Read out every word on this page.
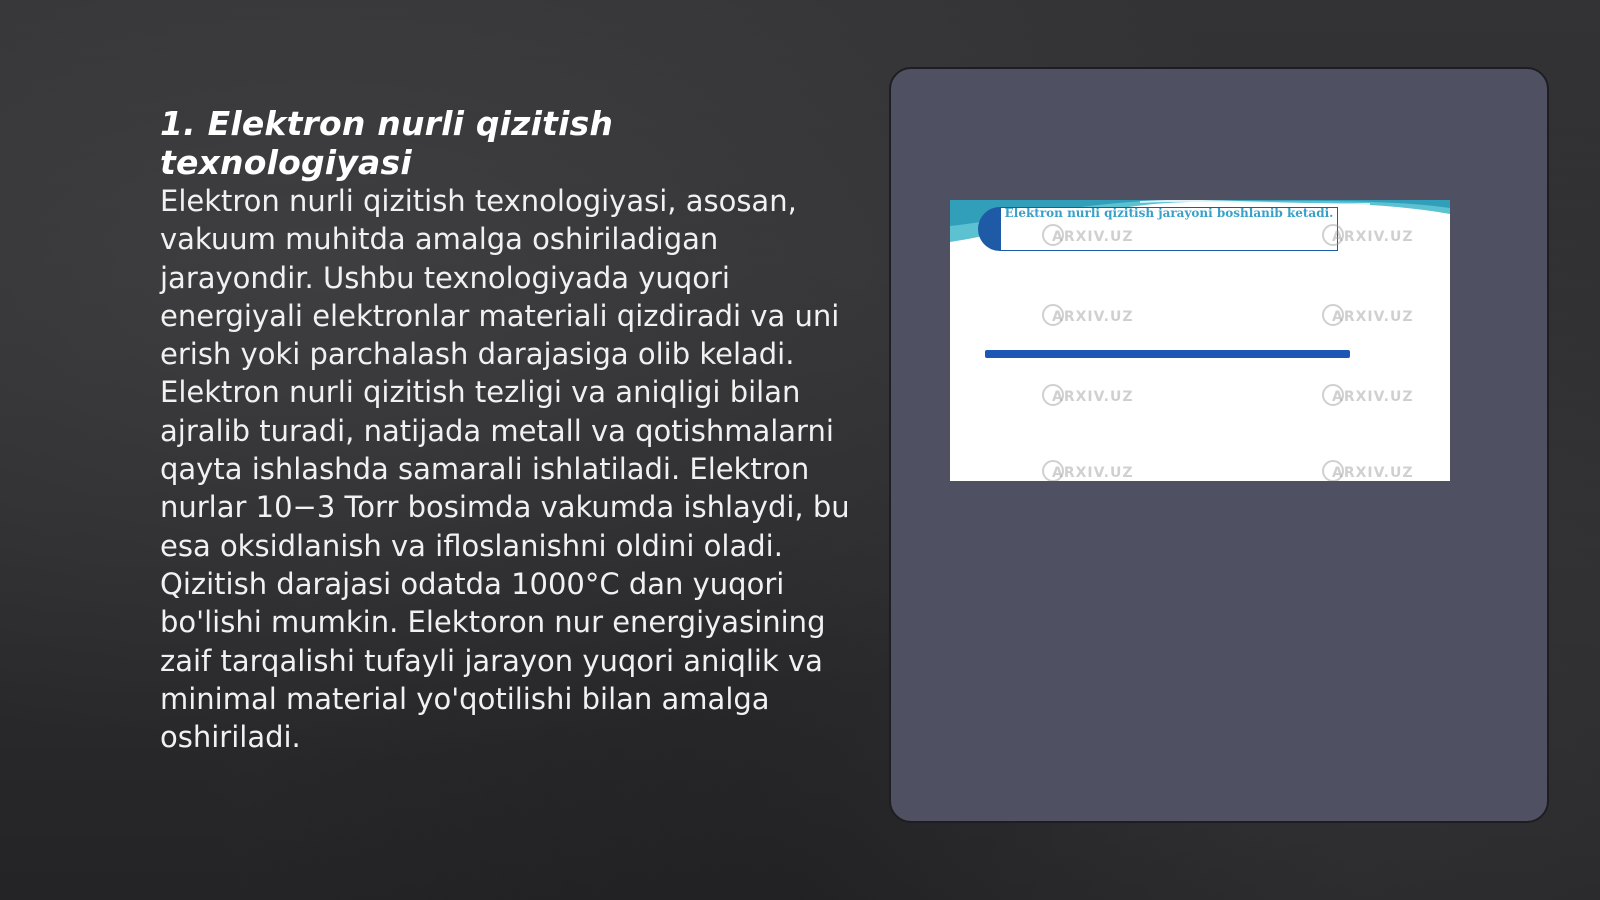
1. Elektron nurli qizitish texnologiyasi

Elektron nurli qizitish texnologiyasi, asosan, vakuum muhitda amalga oshiriladigan jarayondir. Ushbu texnologiyada yuqori energiyali elektronlar materiali qizdiradi va uni erish yoki parchalash darajasiga olib keladi. Elektron nurli qizitish tezligi va aniqligi bilan ajralib turadi, natijada metall va qotishmalarni qayta ishlashda samarali ishlatiladi. Elektron nurlar 10−3 Torr bosimda vakumda ishlaydi, bu esa oksidlanish va ifloslanishni oldini oladi. Qizitish darajasi odatda 1000°C dan yuqori bo'lishi mumkin. Elektoron nur energiyasining zaif tarqalishi tufayli jarayon yuqori aniqlik va minimal material yo'qotilishi bilan amalga oshiriladi.

Elektron nurli qizitish jarayoni boshlanib ketadi.
ARXIV.UZ	ARXIV.UZ
ARXIV.UZ	ARXIV.UZ
ARXIV.UZ	ARXIV.UZ
ARXIV.UZ	ARXIV.UZ
